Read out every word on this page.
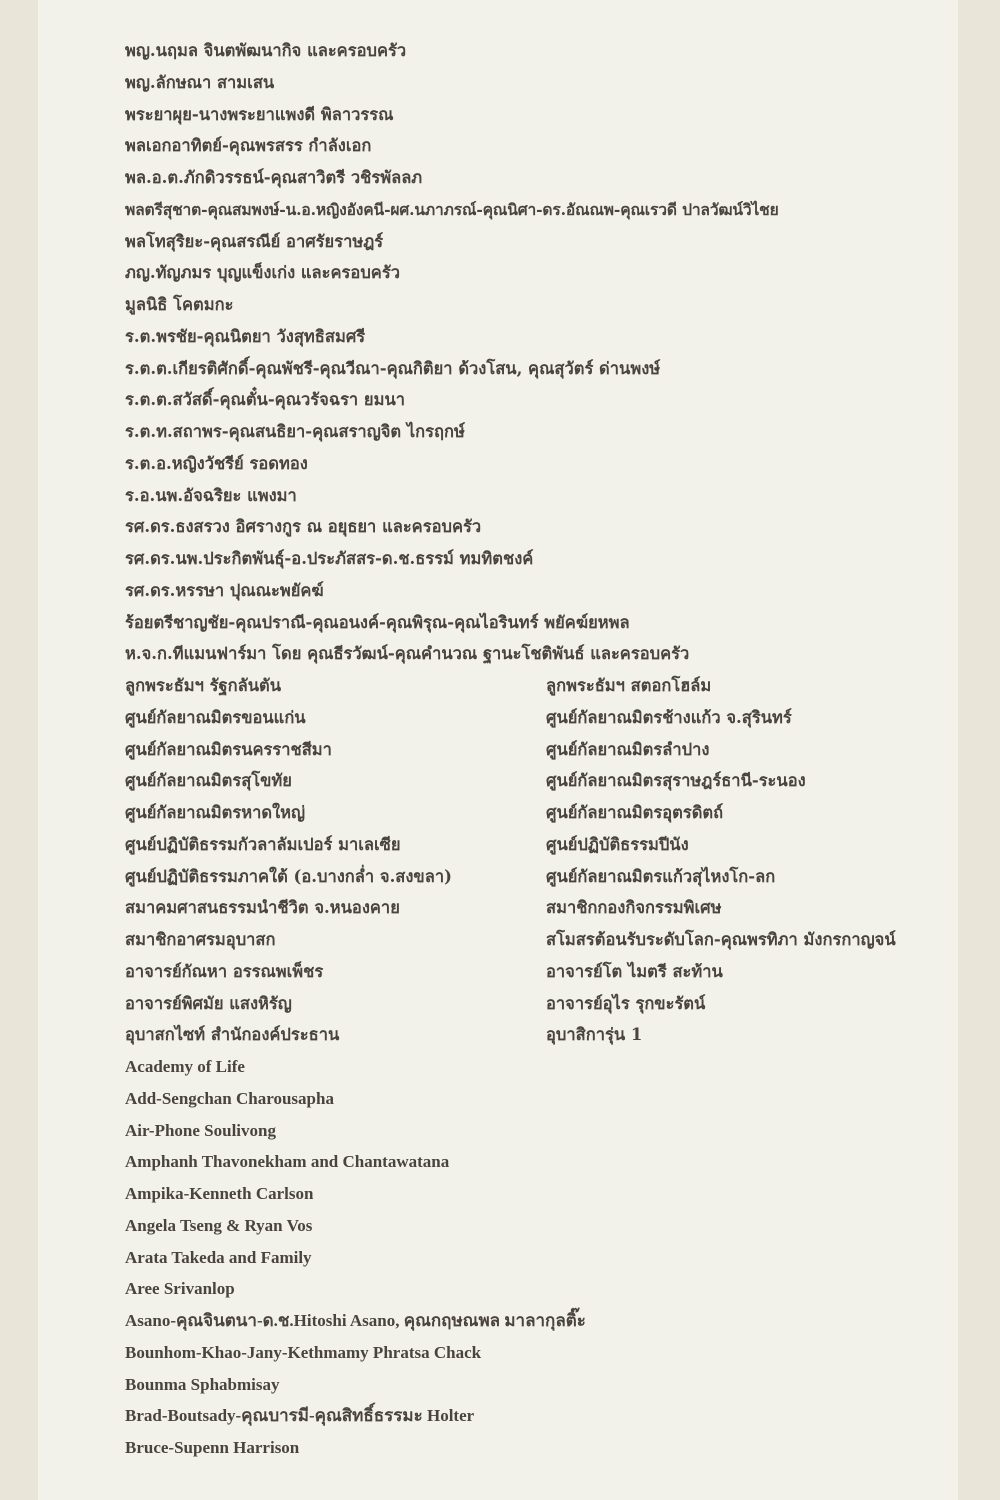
พญ.นฤมล จินตพัฒนากิจ และครอบครัว
พญ.ลักษณา สามเสน
พระยาผุย-นางพระยาแพงดี พิลาวรรณ
พลเอกอาทิตย์-คุณพรสรร กำลังเอก
พล.อ.ต.ภักดิวรรธน์-คุณสาวิตรี วชิรพัลลภ
พลตรีสุชาต-คุณสมพงษ์-น.อ.หญิงอังคนี-ผศ.นภาภรณ์-คุณนิศา-ดร.อัณณพ-คุณเรวดี ปาลวัฒน์วิไชย
พลโทสุริยะ-คุณสรณีย์ อาศรัยราษฎร์
ภญ.ทัญภมร บุญแข็งเก่ง และครอบครัว
มูลนิธิ โคตมกะ
ร.ต.พรชัย-คุณนิตยา วังสุทธิสมศรี
ร.ต.ต.เกียรติศักดิ์-คุณพัชรี-คุณวีณา-คุณกิติยา ด้วงโสน, คุณสุวัตร์ ด่านพงษ์
ร.ต.ต.สวัสดิ์-คุณตั๋น-คุณวรัจฉรา ยมนา
ร.ต.ท.สถาพร-คุณสนธิยา-คุณสราญจิต ไกรฤกษ์
ร.ต.อ.หญิงวัชรีย์ รอดทอง
ร.อ.นพ.อัจฉริยะ แพงมา
รศ.ดร.ธงสรวง อิศรางกูร ณ อยุธยา และครอบครัว
รศ.ดร.นพ.ประกิตพันธุ์-อ.ประภัสสร-ด.ช.ธรรม์ ทมทิตชงค์
รศ.ดร.หรรษา ปุณณะพยัคฆ์
ร้อยตรีชาญชัย-คุณปราณี-คุณอนงค์-คุณพิรุณ-คุณไอรินทร์ พยัคฆ์ยหพล
ห.จ.ก.ทีแมนฟาร์มา โดย คุณธีรวัฒน์-คุณคำนวณ ฐานะโชติพันธ์ และครอบครัว
ลูกพระธัมฯ รัฐกลันตัน	ลูกพระธัมฯ สตอกโฮล์ม
ศูนย์กัลยาณมิตรขอนแก่น	ศูนย์กัลยาณมิตรช้างแก้ว จ.สุรินทร์
ศูนย์กัลยาณมิตรนครราชสีมา	ศูนย์กัลยาณมิตรลำปาง
ศูนย์กัลยาณมิตรสุโขทัย	ศูนย์กัลยาณมิตรสุราษฎร์ธานี-ระนอง
ศูนย์กัลยาณมิตรหาดใหญ่	ศูนย์กัลยาณมิตรอุตรดิตถ์
ศูนย์ปฏิบัติธรรมกัวลาลัมเปอร์ มาเลเซีย	ศูนย์ปฏิบัติธรรมปีนัง
ศูนย์ปฏิบัติธรรมภาคใต้ (อ.บางกล่ำ จ.สงขลา)	ศูนย์กัลยาณมิตรแก้วสุไหงโก-ลก
สมาคมศาสนธรรมนำชีวิต จ.หนองคาย	สมาชิกกองกิจกรรมพิเศษ
สมาชิกอาศรมอุบาสก	สโมสรต้อนรับระดับโลก-คุณพรทิภา มังกรกาญจน์
อาจารย์กัณหา อรรณพเพ็ชร	อาจารย์โต ไมตรี สะท้าน
อาจารย์พิศมัย แสงหิรัญ	อาจารย์อุไร รุกขะรัตน์
อุบาสกไซท์ สำนักองค์ประธาน	อุบาสิการุ่น 1
Academy of Life
Add-Sengchan Charousapha
Air-Phone Soulivong
Amphanh Thavonekham and Chantawatana
Ampika-Kenneth Carlson
Angela Tseng & Ryan Vos
Arata Takeda and Family
Aree Srivanlop
Asano-คุณจินตนา-ด.ช.Hitoshi Asano, คุณกฤษณพล มาลากุลติ๊ะ
Bounhom-Khao-Jany-Kethmamy Phratsa Chack
Bounma Sphabmisay
Brad-Boutsady-คุณบารมี-คุณสิทธิ์ธรรมะ Holter
Bruce-Supenn Harrison
